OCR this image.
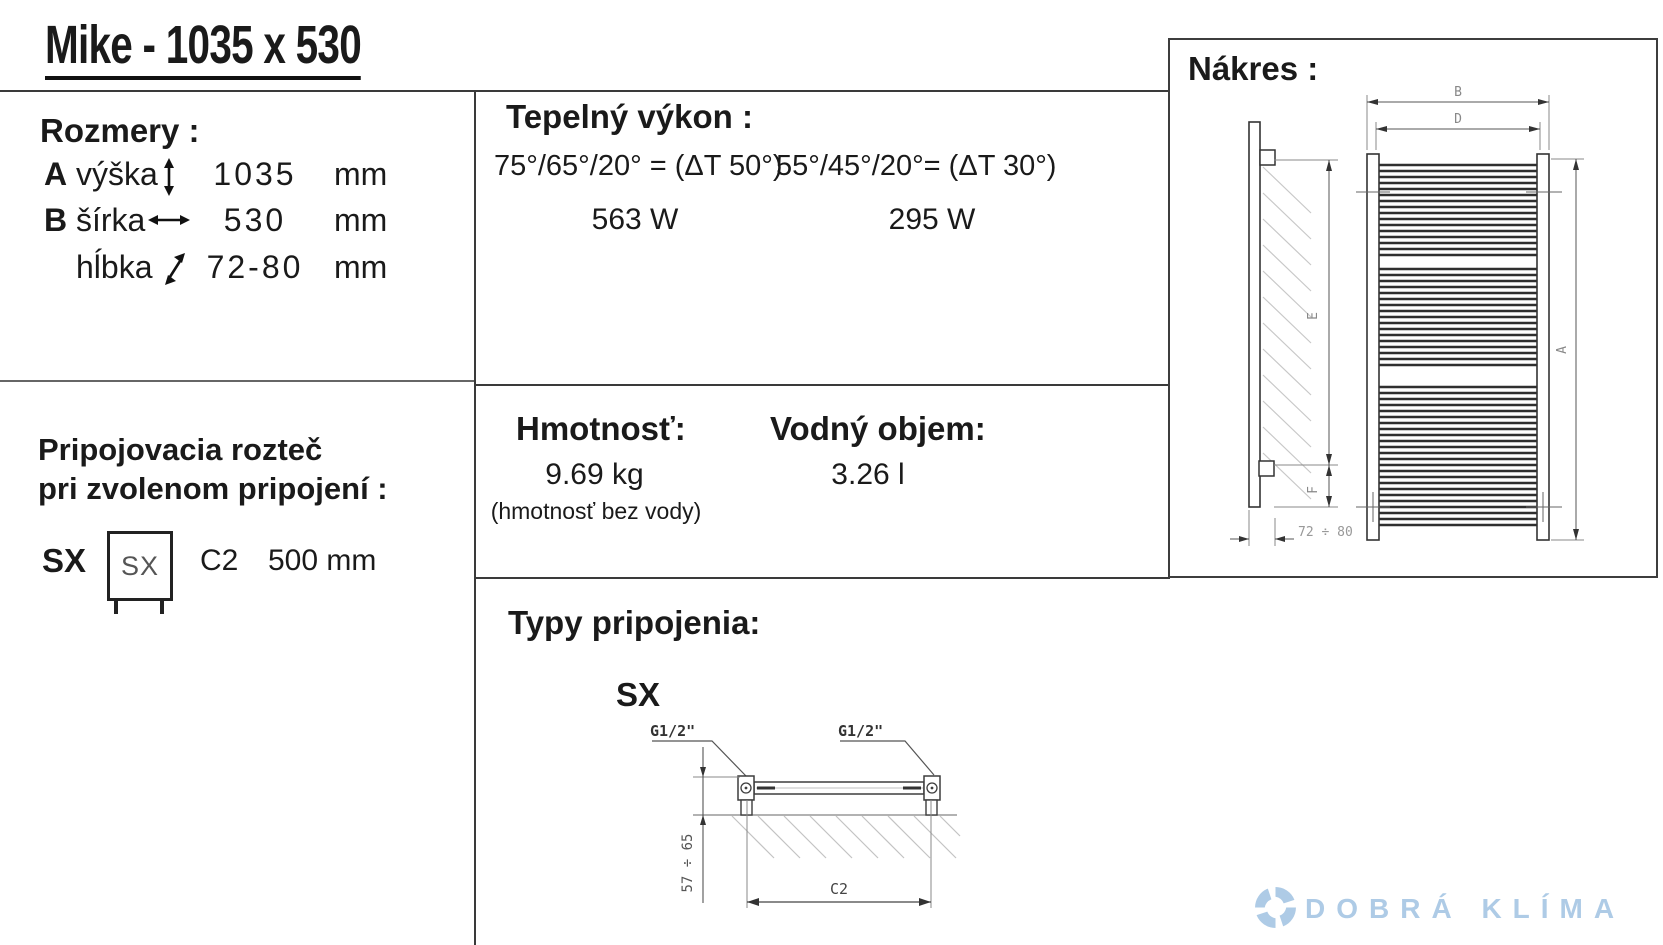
Mike - 1035 x 530
Rozmery :
A výška	1035	mm
B šírka	530	mm
hĺbka	72-80 mm
Tepelný výkon :
75°/65°/20° = (ΔT 50°)
55°/45°/20°= (ΔT 30°)
563 W	295 W
Pripojovacia rozteč
pri zvolenom pripojení :
SX SX C2 500 mm
Hmotnosť:
9.69 kg
(hmotnosť bez vody)
Vodný objem:
3.26 l
Typy pripojenia:
SX
G1/2"	G1/2"
57 ÷ 65	C2
Nákres :
E
F
72 ÷ 80
B
D
A
DOBRÁ KLÍMA
